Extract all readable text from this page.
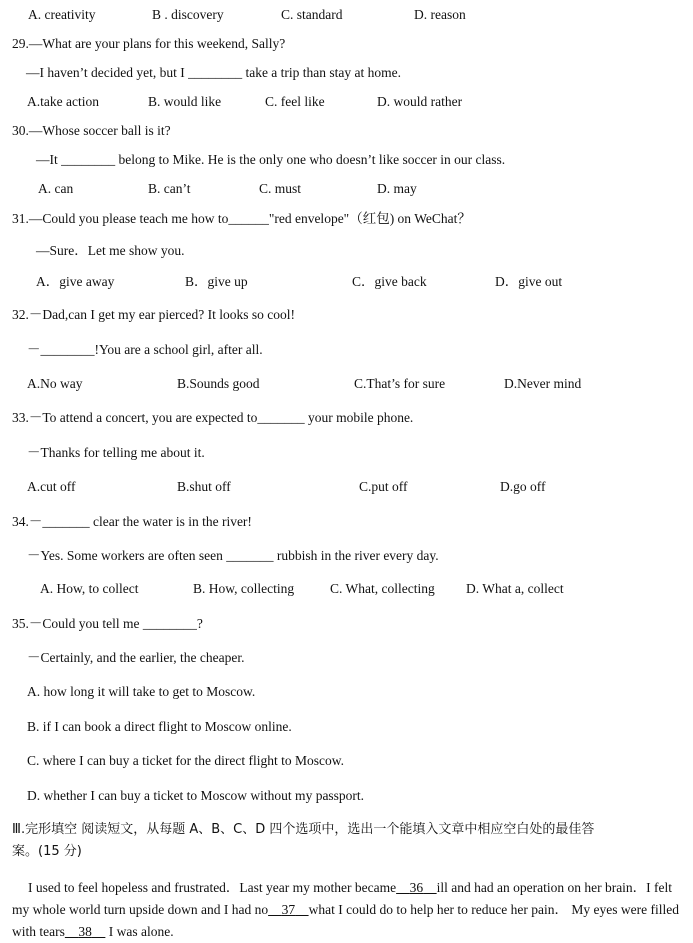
A. creativity	B . discovery	C. standard	D. reason
29.—What are your plans for this weekend, Sally?
—I haven’t decided yet, but I ________ take a trip than stay at home.
A.take action	B. would like	C. feel like	D. would rather
30.—Whose soccer ball is it?
—It ________ belong to Mike. He is the only one who doesn’t like soccer in our class.
A. can	B. can’t	C. must	D. may
31.—Could you please teach me how to______"red envelope"（红包) on WeChat？
—Sure．Let me show you.
A．give away	B．give up	C．give back	D．give out
32.－Dad,can I get my ear pierced? It looks so cool!
－________!You are a school girl, after all.
A.No way	B.Sounds good	C.That’s for sure	D.Never mind
33.－To attend a concert, you are expected to_______ your mobile phone.
－Thanks for telling me about it.
A.cut off	B.shut off	C.put off	D.go off
34.－_______ clear the water is in the river!
－Yes. Some workers are often seen _______ rubbish in the river every day.
A. How, to collect	B. How, collecting	C. What, collecting D. What a, collect
35.－Could you tell me ________?
－Certainly, and the earlier, the cheaper.
A. how long it will take to get to Moscow.
B. if I can book a direct flight to Moscow online.
C. where I can buy a ticket for the direct flight to Moscow.
D. whether I can buy a ticket to Moscow without my passport.
Ⅲ.完形填空 阅读短文，从每题 A、B、C、D 四个选项中，选出一个能填入文章中相应空白处的最佳答
案。(15 分)
I used to feel hopeless and frustrated．Last year my mother became 36 ill and had an operation on her brain．I felt my whole world turn upside down and I had no 37 what I could do to help her to reduce her pain． My eyes were filled with tears 38 I was alone.
